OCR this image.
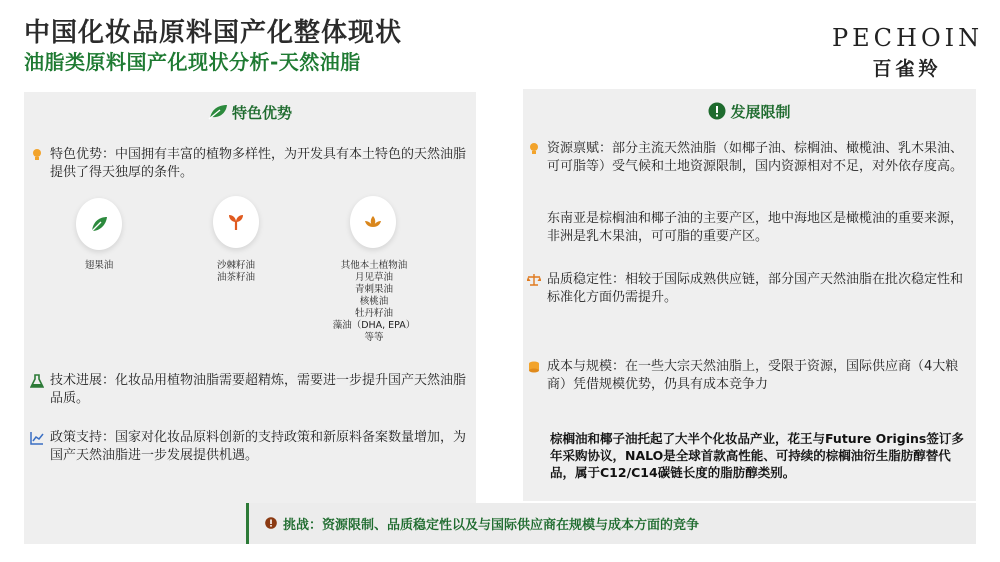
中国化妆品原料国产化整体现状
油脂类原料国产化现状分析-天然油脂
PECHOIN
百雀羚
特色优势
特色优势：中国拥有丰富的植物多样性，为开发具有本土特色的天然油脂提供了得天独厚的条件。
翅果油	沙棘籽油
油茶籽油
其他本土植物油
月见草油
青刺果油
核桃油
牡丹籽油
藻油（DHA, EPA）
等等
技术进展：化妆品用植物油脂需要超精炼，需要进一步提升国产天然油脂品质。
政策支持：国家对化妆品原料创新的支持政策和新原料备案数量增加，为国产天然油脂进一步发展提供机遇。
发展限制
资源禀赋：部分主流天然油脂（如椰子油、棕榈油、橄榄油、乳木果油、可可脂等）受气候和土地资源限制，国内资源相对不足，对外依存度高。
东南亚是棕榈油和椰子油的主要产区，地中海地区是橄榄油的重要来源，非洲是乳木果油，可可脂的重要产区。
品质稳定性：相较于国际成熟供应链，部分国产天然油脂在批次稳定性和标准化方面仍需提升。
成本与规模：在一些大宗天然油脂上，受限于资源，国际供应商（4大粮商）凭借规模优势，仍具有成本竞争力
棕榈油和椰子油托起了大半个化妆品产业，花王与Future Origins签订多年采购协议，NALO是全球首款高性能、可持续的棕榈油衍生脂肪醇替代品，属于C12/C14碳链长度的脂肪醇类别。
挑战：资源限制、品质稳定性以及与国际供应商在规模与成本方面的竞争
